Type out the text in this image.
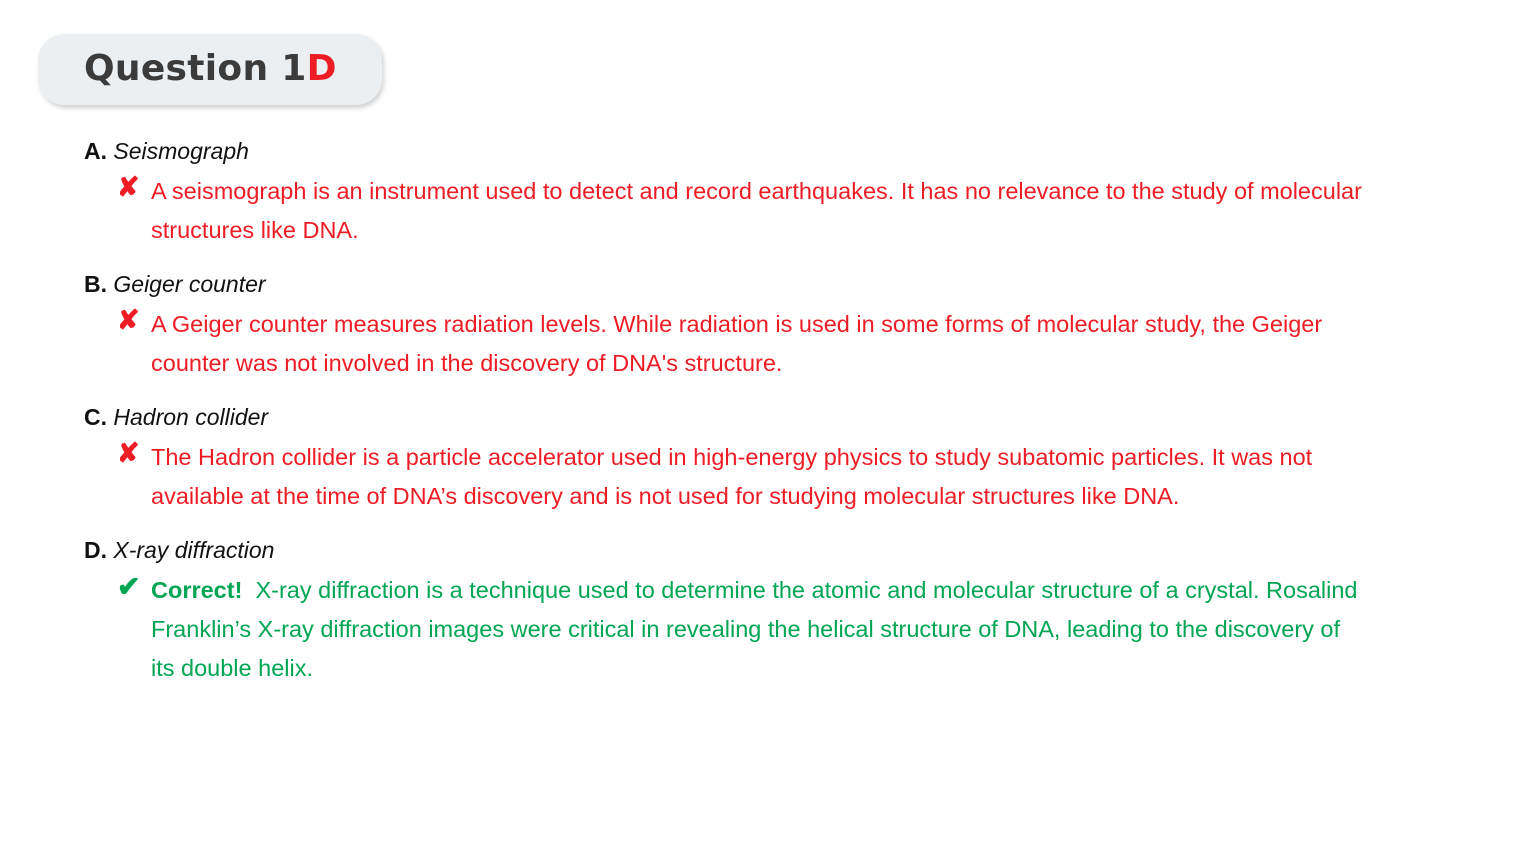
Question 1 D
A. Seismograph
✘ A seismograph is an instrument used to detect and record earthquakes. It has no relevance to the study of molecular structures like DNA.
B. Geiger counter
✘ A Geiger counter measures radiation levels. While radiation is used in some forms of molecular study, the Geiger counter was not involved in the discovery of DNA's structure.
C. Hadron collider
✘ The Hadron collider is a particle accelerator used in high-energy physics to study subatomic particles. It was not available at the time of DNA’s discovery and is not used for studying molecular structures like DNA.
D. X-ray diffraction
✔ Correct! X-ray diffraction is a technique used to determine the atomic and molecular structure of a crystal. Rosalind Franklin’s X-ray diffraction images were critical in revealing the helical structure of DNA, leading to the discovery of its double helix.
